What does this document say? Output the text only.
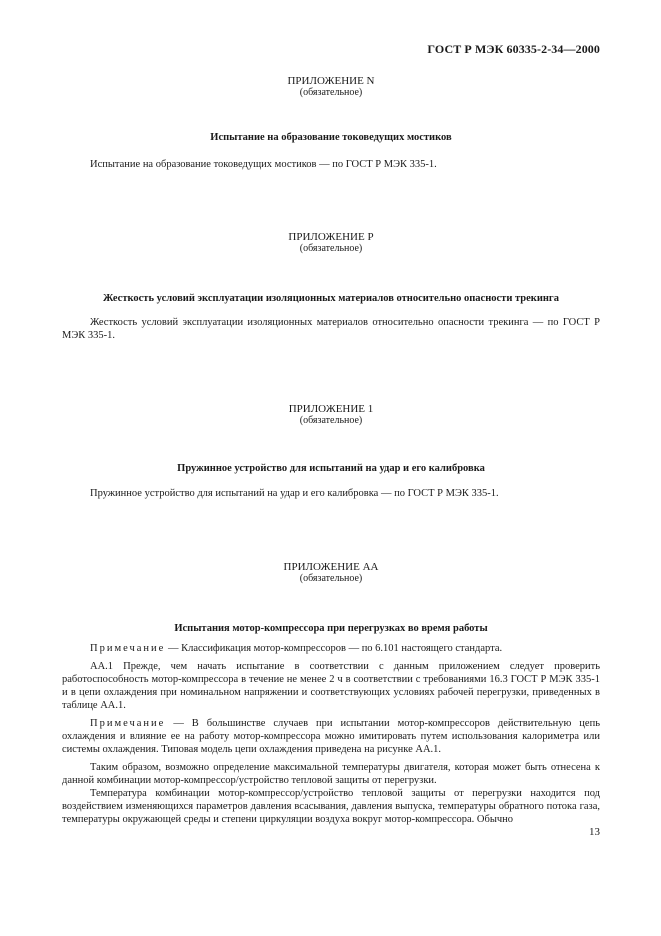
ГОСТ Р МЭК 60335-2-34—2000
ПРИЛОЖЕНИЕ N
(обязательное)
Испытание на образование токоведущих мостиков
Испытание на образование токоведущих мостиков — по ГОСТ Р МЭК 335-1.
ПРИЛОЖЕНИЕ Р
(обязательное)
Жесткость условий эксплуатации изоляционных материалов относительно опасности трекинга
Жесткость условий эксплуатации изоляционных материалов относительно опасности трекинга — по ГОСТ Р МЭК 335-1.
ПРИЛОЖЕНИЕ 1
(обязательное)
Пружинное устройство для испытаний на удар и его калибровка
Пружинное устройство для испытаний на удар и его калибровка — по ГОСТ Р МЭК 335-1.
ПРИЛОЖЕНИЕ АА
(обязательное)
Испытания мотор-компрессора при перегрузках во время работы

Примечание — Классификация мотор-компрессоров — по 6.101 настоящего стандарта.

АА.1 Прежде, чем начать испытание в соответствии с данным приложением следует проверить работоспособность мотор-компрессора в течение не менее 2 ч в соответствии с требованиями 16.3 ГОСТ Р МЭК 335-1 и в цепи охлаждения при номинальном напряжении и соответствующих условиях рабочей перегрузки, приведенных в таблице АА.1.

Примечание — В большинстве случаев при испытании мотор-компрессоров действительную цепь охлаждения и влияние ее на работу мотор-компрессора можно имитировать путем использования калориметра или системы охлаждения. Типовая модель цепи охлаждения приведена на рисунке АА.1.

Таким образом, возможно определение максимальной температуры двигателя, которая может быть отнесена к данной комбинации мотор-компрессор/устройство тепловой защиты от перегрузки.

Температура комбинации мотор-компрессор/устройство тепловой защиты от перегрузки находится под воздействием изменяющихся параметров давления всасывания, давления выпуска, температуры обратного потока газа, температуры окружающей среды и степени циркуляции воздуха вокруг мотор-компрессора. Обычно

13
